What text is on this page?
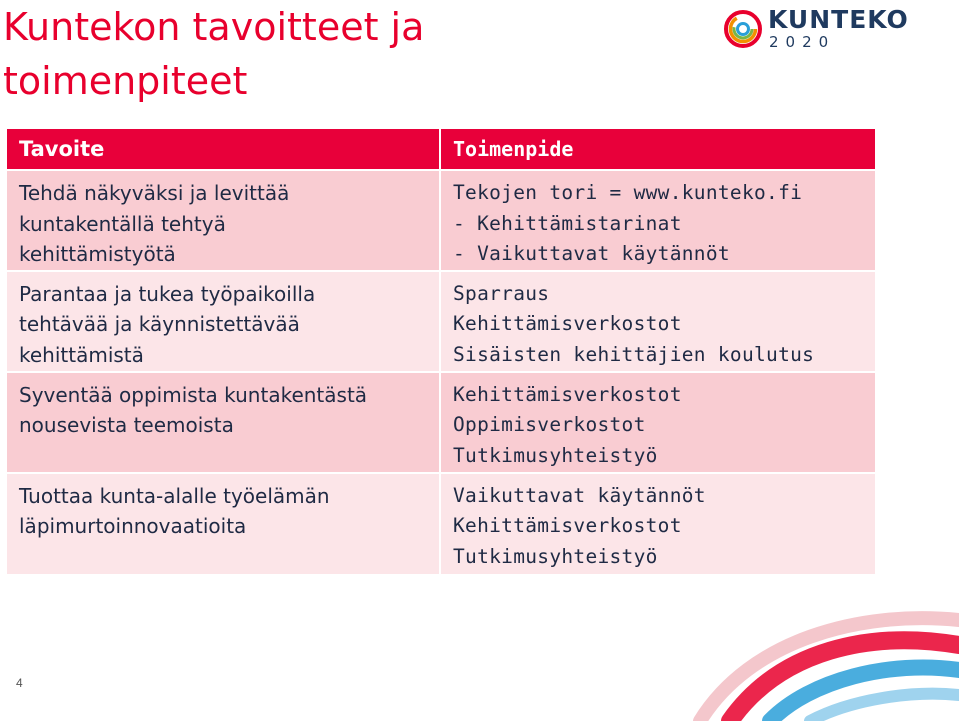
Kuntekon tavoitteet ja
toimenpiteet
KUNTEKO
2020
Tavoite	Toimenpide

Tehdä näkyväksi ja levittää
kuntakentällä tehtyä
kehittämistyötä	Tekojen tori = www.kunteko.fi
- Kehittämistarinat
- Vaikuttavat käytännöt

Parantaa ja tukea työpaikoilla
tehtävää ja käynnistettävää
kehittämistä	Sparraus
Kehittämisverkostot
Sisäisten kehittäjien koulutus

Syventää oppimista kuntakentästä
nousevista teemoista	Kehittämisverkostot
Oppimisverkostot
Tutkimusyhteistyö

Tuottaa kunta-alalle työelämän
läpimurtoinnovaatioita	Vaikuttavat käytännöt
Kehittämisverkostot
Tutkimusyhteistyö
4
